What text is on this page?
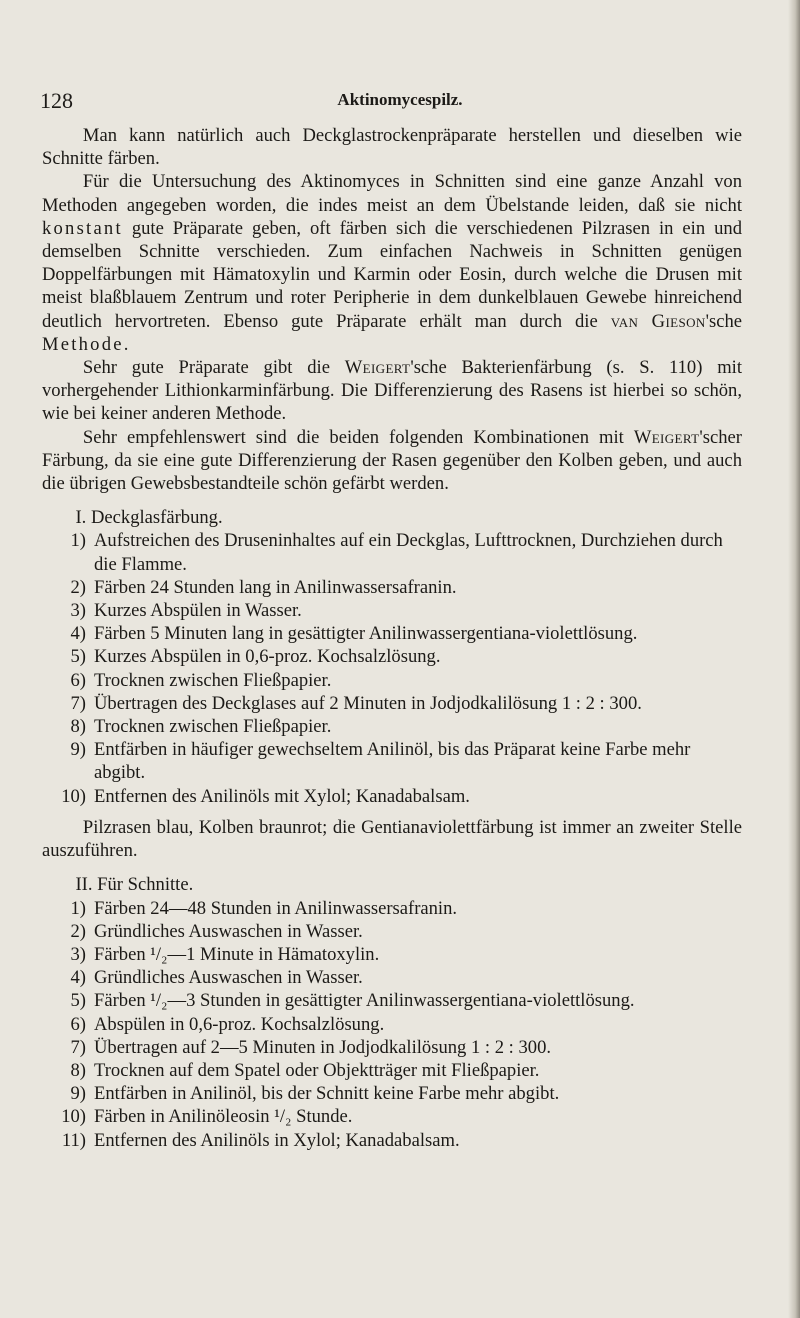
128	Aktinomycespilz.

Man kann natürlich auch Deckglastrockenpräparate herstellen und dieselben wie Schnitte färben.

Für die Untersuchung des Aktinomyces in Schnitten sind eine ganze Anzahl von Methoden angegeben worden, die indes meist an dem Übelstande leiden, daß sie nicht konstant gute Präparate geben, oft färben sich die verschiedenen Pilzrasen in ein und demselben Schnitte verschieden. Zum einfachen Nachweis in Schnitten genügen Doppelfärbungen mit Hämatoxylin und Karmin oder Eosin, durch welche die Drusen mit meist blaßblauem Zentrum und roter Peripherie in dem dunkelblauen Gewebe hinreichend deutlich hervortreten. Ebenso gute Präparate erhält man durch die van Gieson'sche Methode.

Sehr gute Präparate gibt die Weigert'sche Bakterienfärbung (s. S. 110) mit vorhergehender Lithionkarminfärbung. Die Differenzierung des Rasens ist hierbei so schön, wie bei keiner anderen Methode.

Sehr empfehlenswert sind die beiden folgenden Kombinationen mit Weigert'scher Färbung, da sie eine gute Differenzierung der Rasen gegenüber den Kolben geben, und auch die übrigen Gewebsbestandteile schön gefärbt werden.

I. Deckglasfärbung.
1) Aufstreichen des Druseninhaltes auf ein Deckglas, Lufttrocknen, Durchziehen durch die Flamme.
2) Färben 24 Stunden lang in Anilinwassersafranin.
3) Kurzes Abspülen in Wasser.
4) Färben 5 Minuten lang in gesättigter Anilinwassergentiana-violettlösung.
5) Kurzes Abspülen in 0,6-proz. Kochsalzlösung.
6) Trocknen zwischen Fließpapier.
7) Übertragen des Deckglases auf 2 Minuten in Jodjodkalilösung 1 : 2 : 300.
8) Trocknen zwischen Fließpapier.
9) Entfärben in häufiger gewechseltem Anilinöl, bis das Präparat keine Farbe mehr abgibt.
10) Entfernen des Anilinöls mit Xylol; Kanadabalsam.

Pilzrasen blau, Kolben braunrot; die Gentianaviolettfärbung ist immer an zweiter Stelle auszuführen.

II. Für Schnitte.
1) Färben 24—48 Stunden in Anilinwassersafranin.
2) Gründliches Auswaschen in Wasser.
3) Färben ¹/₂—1 Minute in Hämatoxylin.
4) Gründliches Auswaschen in Wasser.
5) Färben ¹/₂—3 Stunden in gesättigter Anilinwassergentiana-violettlösung.
6) Abspülen in 0,6-proz. Kochsalzlösung.
7) Übertragen auf 2—5 Minuten in Jodjodkalilösung 1 : 2 : 300.
8) Trocknen auf dem Spatel oder Objektträger mit Fließpapier.
9) Entfärben in Anilinöl, bis der Schnitt keine Farbe mehr abgibt.
10) Färben in Anilinöleosin ¹/₂ Stunde.
11) Entfernen des Anilinöls in Xylol; Kanadabalsam.
